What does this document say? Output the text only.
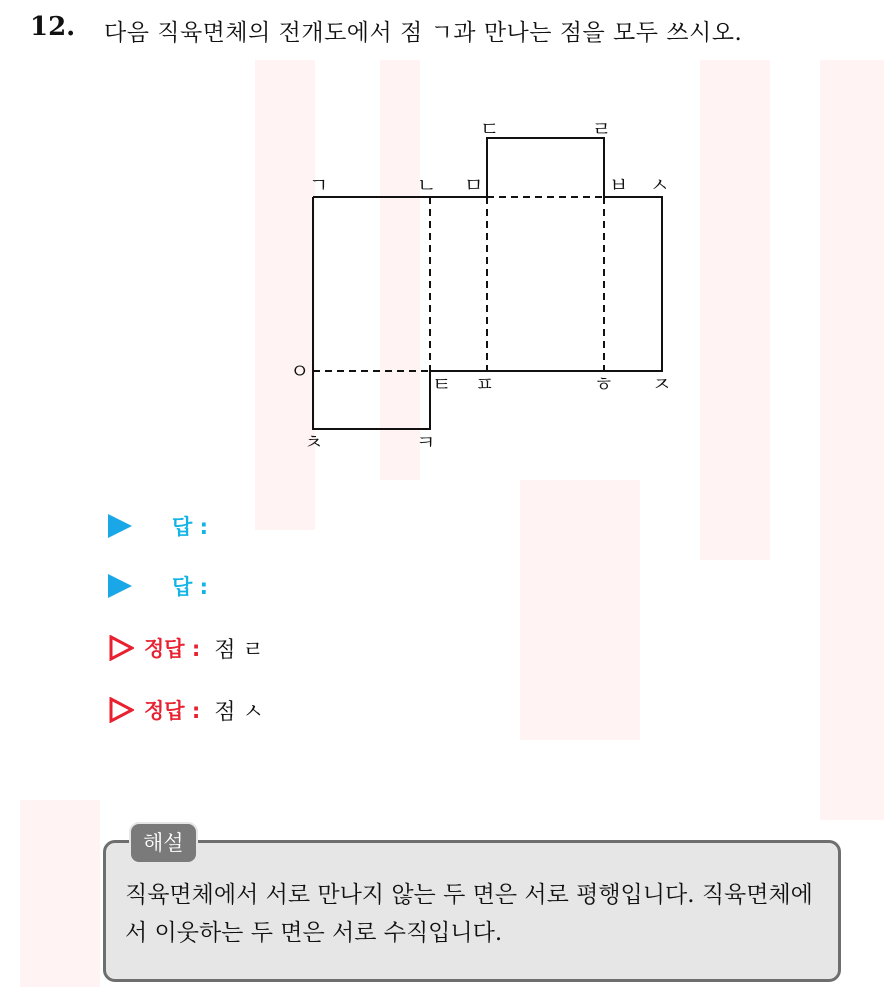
12. 다음 직육면체의 전개도에서 점 ㄱ과 만나는 점을 모두 쓰시오.
ㄱ	ㄴ ㅁ
ㄷ	ㄹ
ㅂ ㅅ
ㅇ
ㅌ ㅍ	ㅎ ㅈ
ㅊ	ㅋ
답 :
답 :
정답 : 점 ㄹ
정답 : 점 ㅅ
해설
직육면체에서 서로 만나지 않는 두 면은 서로 평행입니다. 직육면체에서 이웃하는 두 면은 서로 수직입니다.
